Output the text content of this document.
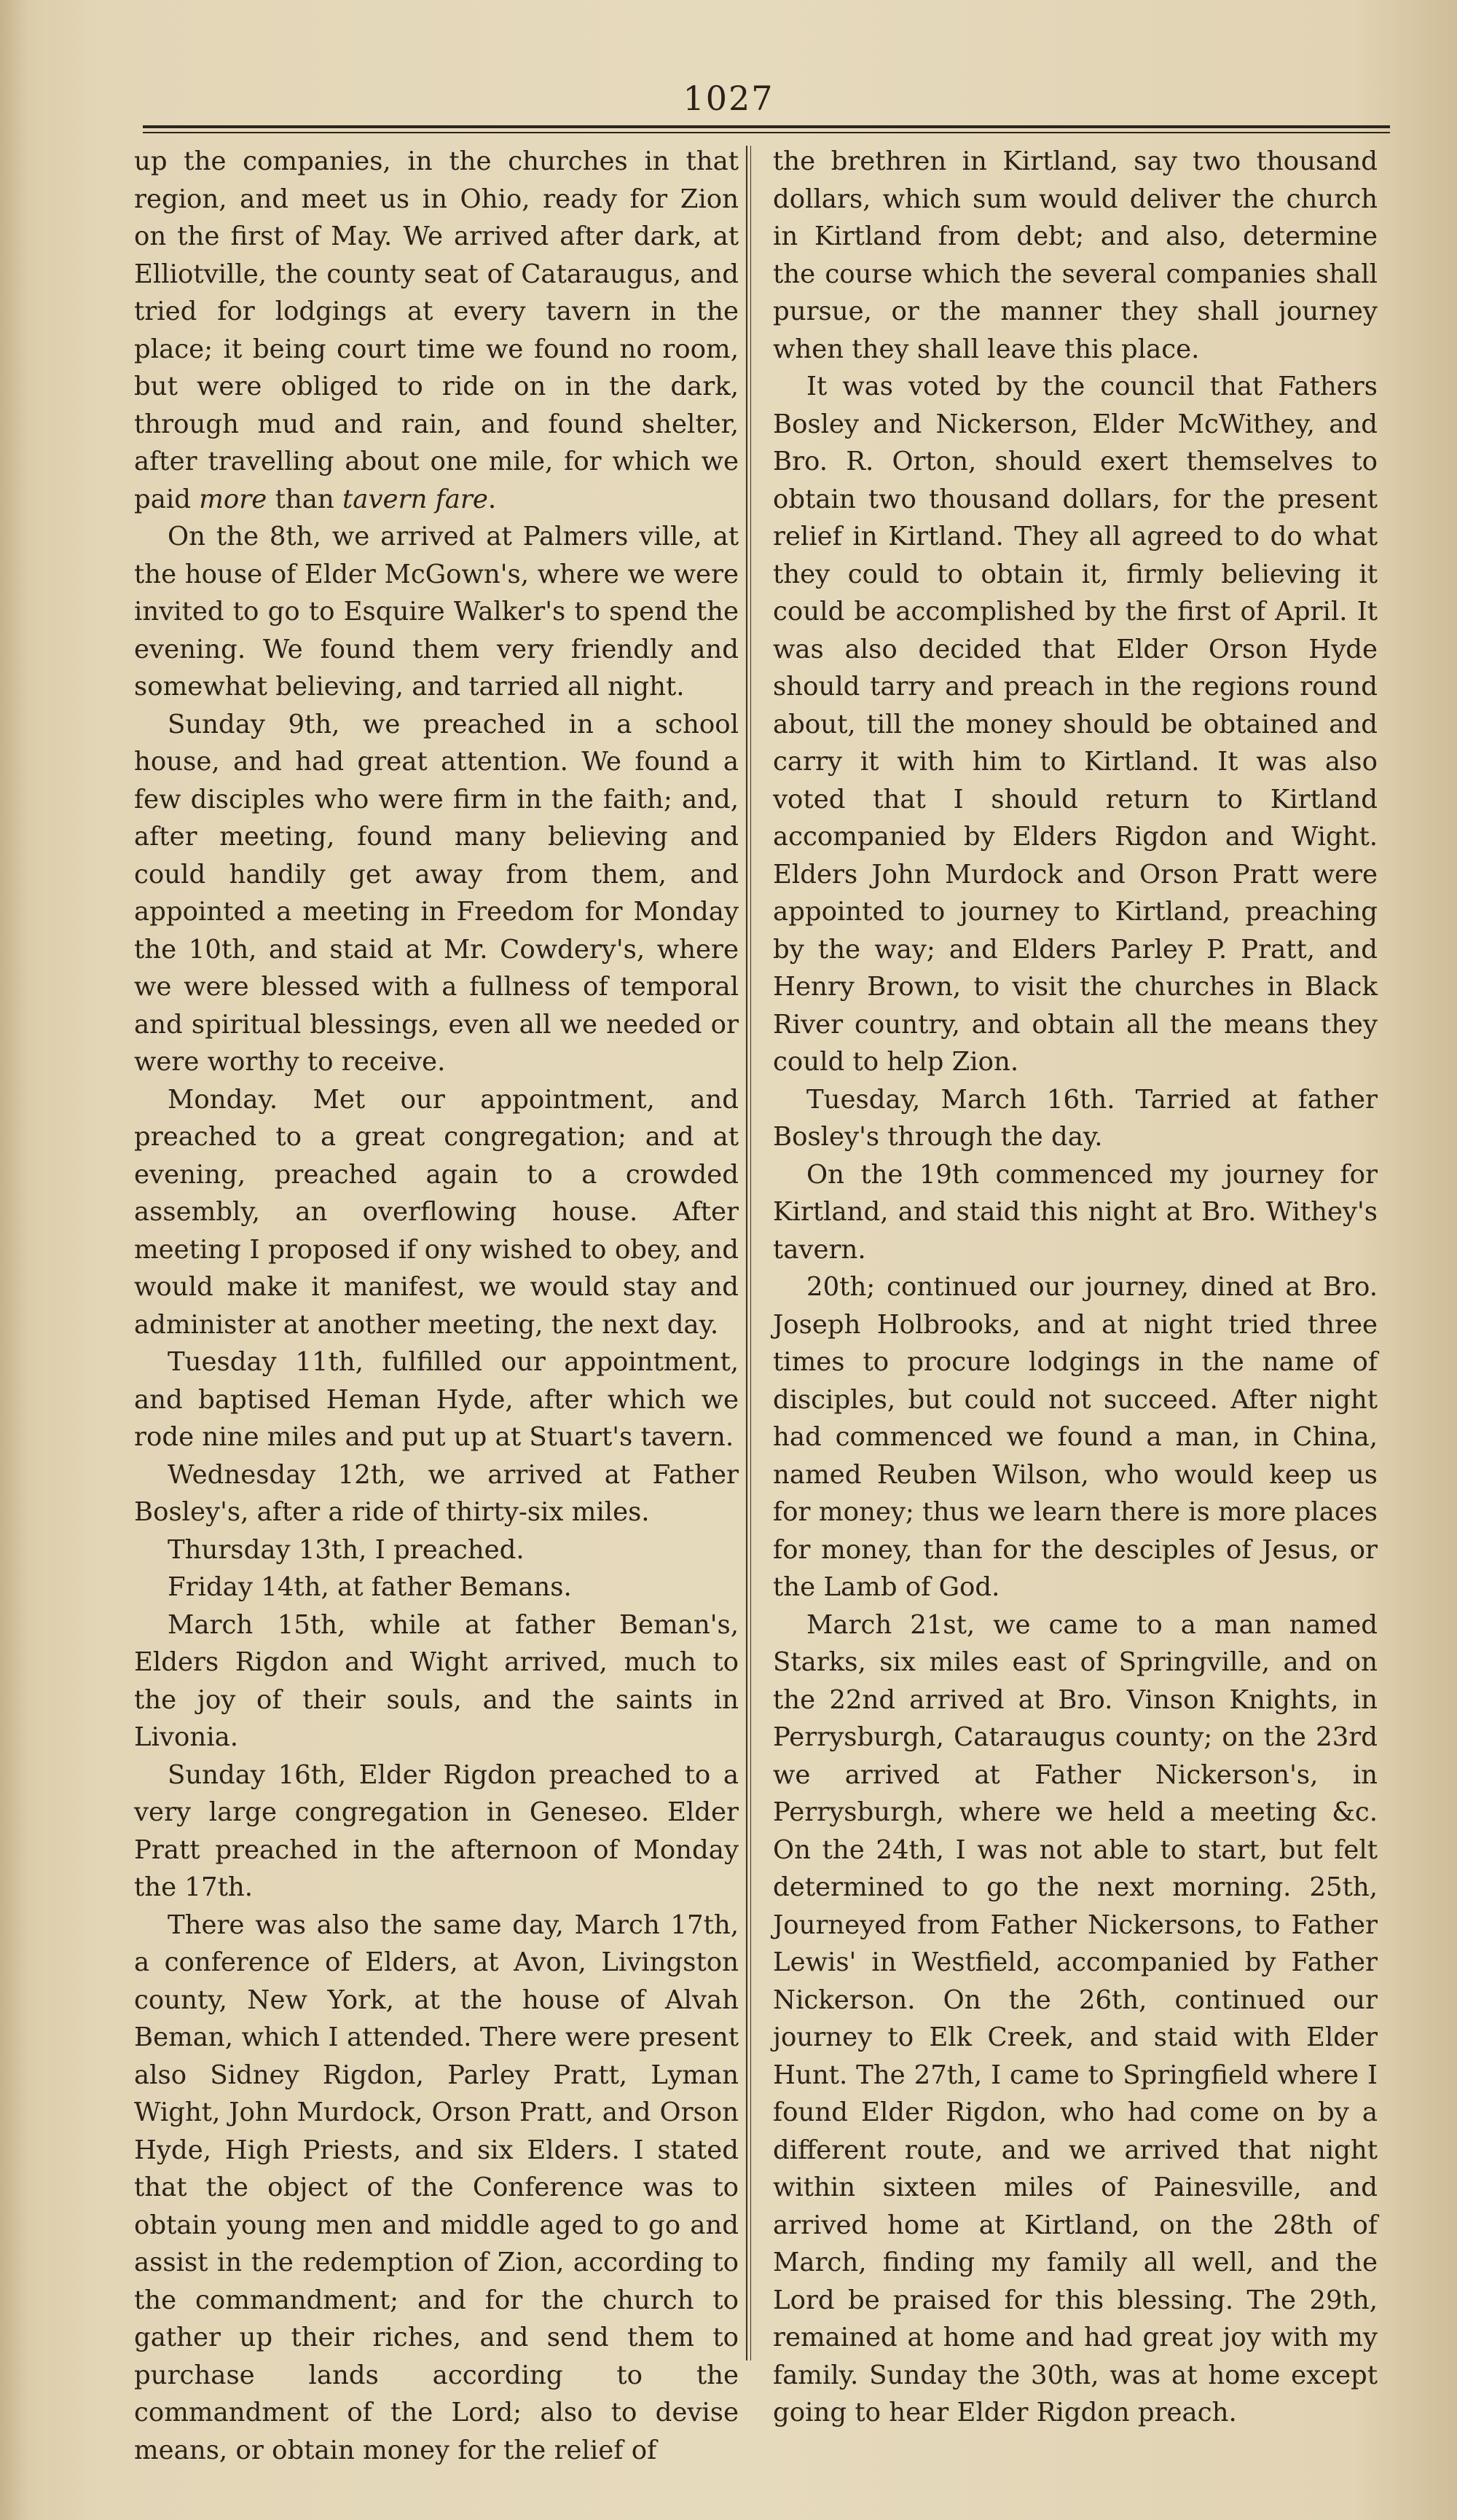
1027

up the companies, in the churches in that region, and meet us in Ohio, ready for Zion on the first of May. We arrived after dark, at Elliotville, the county seat of Cataraugus, and tried for lodgings at every tavern in the place; it being court time we found no room, but were obliged to ride on in the dark, through mud and rain, and found shelter, after travelling about one mile, for which we paid more than tavern fare.

On the 8th, we arrived at Palmers ville, at the house of Elder McGown's, where we were invited to go to Esquire Walker's to spend the evening. We found them very friendly and somewhat believing, and tarried all night.

Sunday 9th, we preached in a school house, and had great attention. We found a few disciples who were firm in the faith; and, after meeting, found many believing and could handily get away from them, and appointed a meeting in Freedom for Monday the 10th, and staid at Mr. Cowdery's, where we were blessed with a fullness of temporal and spiritual blessings, even all we needed or were worthy to receive.

Monday. Met our appointment, and preached to a great congregation; and at evening, preached again to a crowded assembly, an overflowing house. After meeting I proposed if ony wished to obey, and would make it manifest, we would stay and administer at another meeting, the next day.

Tuesday 11th, fulfilled our appointment, and baptised Heman Hyde, after which we rode nine miles and put up at Stuart's tavern.

Wednesday 12th, we arrived at Father Bosley's, after a ride of thirty-six miles.

Thursday 13th, I preached.

Friday 14th, at father Bemans.

March 15th, while at father Beman's, Elders Rigdon and Wight arrived, much to the joy of their souls, and the saints in Livonia.

Sunday 16th, Elder Rigdon preached to a very large congregation in Geneseo. Elder Pratt preached in the afternoon of Monday the 17th.

There was also the same day, March 17th, a conference of Elders, at Avon, Livingston county, New York, at the house of Alvah Beman, which I attended. There were present also Sidney Rigdon, Parley Pratt, Lyman Wight, John Murdock, Orson Pratt, and Orson Hyde, High Priests, and six Elders. I stated that the object of the Conference was to obtain young men and middle aged to go and assist in the redemption of Zion, according to the commandment; and for the church to gather up their riches, and send them to purchase lands according to the commandment of the Lord; also to devise means, or obtain money for the relief of

the brethren in Kirtland, say two thousand dollars, which sum would deliver the church in Kirtland from debt; and also, determine the course which the several companies shall pursue, or the manner they shall journey when they shall leave this place.

It was voted by the council that Fathers Bosley and Nickerson, Elder McWithey, and Bro. R. Orton, should exert themselves to obtain two thousand dollars, for the present relief in Kirtland. They all agreed to do what they could to obtain it, firmly believing it could be accomplished by the first of April. It was also decided that Elder Orson Hyde should tarry and preach in the regions round about, till the money should be obtained and carry it with him to Kirtland. It was also voted that I should return to Kirtland accompanied by Elders Rigdon and Wight. Elders John Murdock and Orson Pratt were appointed to journey to Kirtland, preaching by the way; and Elders Parley P. Pratt, and Henry Brown, to visit the churches in Black River country, and obtain all the means they could to help Zion.

Tuesday, March 16th. Tarried at father Bosley's through the day.

On the 19th commenced my journey for Kirtland, and staid this night at Bro. Withey's tavern.

20th; continued our journey, dined at Bro. Joseph Holbrooks, and at night tried three times to procure lodgings in the name of disciples, but could not succeed. After night had commenced we found a man, in China, named Reuben Wilson, who would keep us for money; thus we learn there is more places for money, than for the desciples of Jesus, or the Lamb of God.

March 21st, we came to a man named Starks, six miles east of Springville, and on the 22nd arrived at Bro. Vinson Knights, in Perrysburgh, Cataraugus county; on the 23rd we arrived at Father Nickerson's, in Perrysburgh, where we held a meeting &c. On the 24th, I was not able to start, but felt determined to go the next morning. 25th, Journeyed from Father Nickersons, to Father Lewis' in Westfield, accompanied by Father Nickerson. On the 26th, continued our journey to Elk Creek, and staid with Elder Hunt. The 27th, I came to Springfield where I found Elder Rigdon, who had come on by a different route, and we arrived that night within sixteen miles of Painesville, and arrived home at Kirtland, on the 28th of March, finding my family all well, and the Lord be praised for this blessing. The 29th, remained at home and had great joy with my family. Sunday the 30th, was at home except going to hear Elder Rigdon preach.
